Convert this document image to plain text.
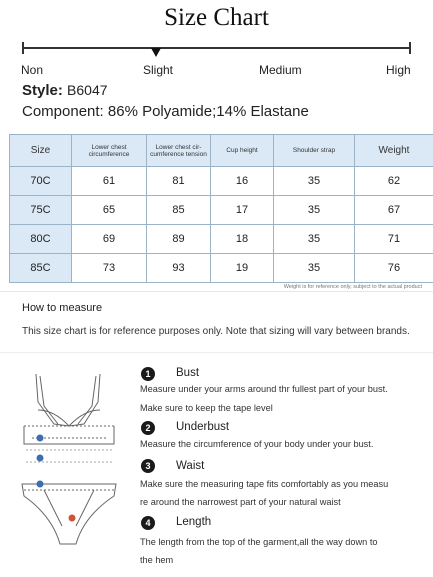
Size Chart
Non	Slight	Medium	High
Style: B6047
Component: 86% Polyamide;14% Elastane
Size	Lower chest circumference	Lower chest cir- cumference tension	Cup height	Shoulder strap	Weight
70C	61	81	16	35	62
75C	65	85	17	35	67
80C	69	89	18	35	71
85C	73	93	19	35	76
Weight is for reference only, subject to the actual product
How to measure
This size chart is for reference purposes only. Note that sizing will vary between brands.
1	Bust
Measure under your arms around thr fullest part of your bust.
Make sure to keep the tape level
2	Underbust
Measure the circumference of your body under your bust.
3	Waist
Make sure the measuring tape fits comfortably as you measu
re around the narrowest part of your natural waist
4	Length
The length from the top of the garment,all the way down to
the hem
